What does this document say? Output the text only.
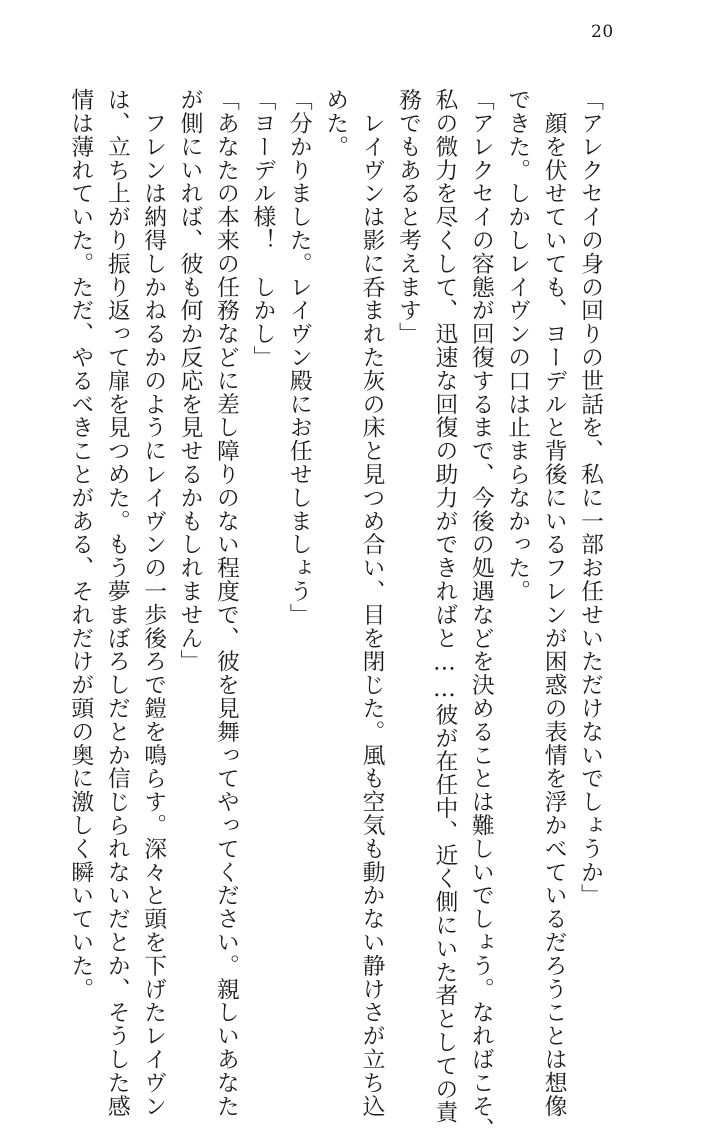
20
「アレクセイの身の回りの世話を、私に一部お任せいただけないでしょうか」
　顔を伏せていても、ヨーデルと背後にいるフレンが困惑の表情を浮かべているだろうことは想像
できた。しかしレイヴンの口は止まらなかった。
「アレクセイの容態が回復するまで、今後の処遇などを決めることは難しいでしょう。なればこそ、
私の微力を尽くして、迅速な回復の助力ができればと……彼が在任中、近く側にいた者としての責
務でもあると考えます」
　レイヴンは影に呑まれた灰の床と見つめ合い、目を閉じた。風も空気も動かない静けさが立ち込
めた。
「分かりました。レイヴン殿にお任せしましょう」
「ヨーデル様！　しかし」
「あなたの本来の任務などに差し障りのない程度で、彼を見舞ってやってください。親しいあなた
が側にいれば、彼も何か反応を見せるかもしれません」
　フレンは納得しかねるかのようにレイヴンの一歩後ろで鎧を鳴らす。深々と頭を下げたレイヴン
は、立ち上がり振り返って扉を見つめた。もう夢まぼろしだとか信じられないだとか、そうした感
情は薄れていた。ただ、やるべきことがある、それだけが頭の奥に激しく瞬いていた。
